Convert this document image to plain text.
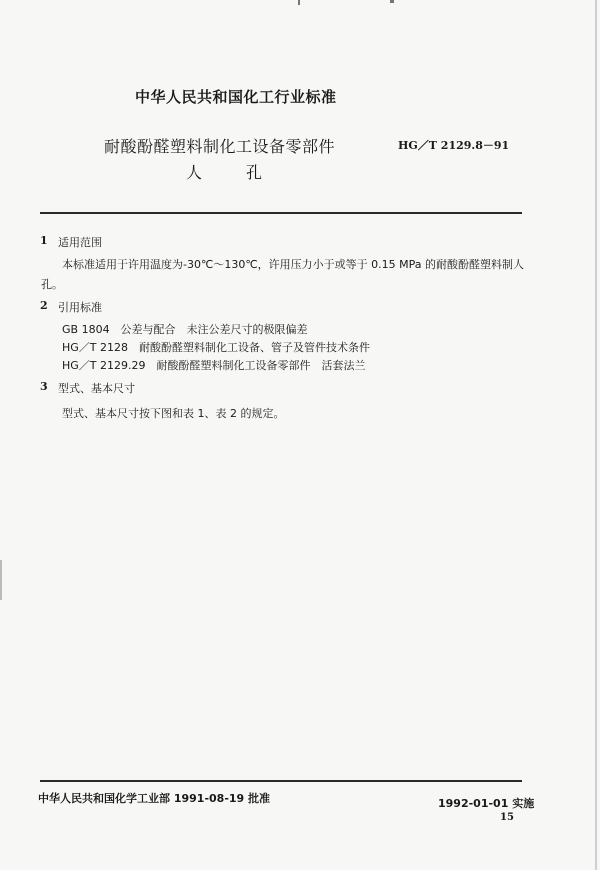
中华人民共和国化工行业标准
耐酸酚醛塑料制化工设备零部件	HG／T 2129.8－91
人孔
1 适用范围
本标准适用于许用温度为-30℃～130℃，许用压力小于或等于 0.15 MPa 的耐酸酚醛塑料制人
孔。
2 引用标准
GB 1804　公差与配合　未注公差尺寸的极限偏差
HG／T 2128　耐酸酚醛塑料制化工设备、管子及管件技术条件
HG／T 2129.29　耐酸酚醛塑料制化工设备零部件　活套法兰
3 型式、基本尺寸
型式、基本尺寸按下图和表 1、表 2 的规定。
中华人民共和国化学工业部 1991-08-19 批准	1992-01-01 实施
15
